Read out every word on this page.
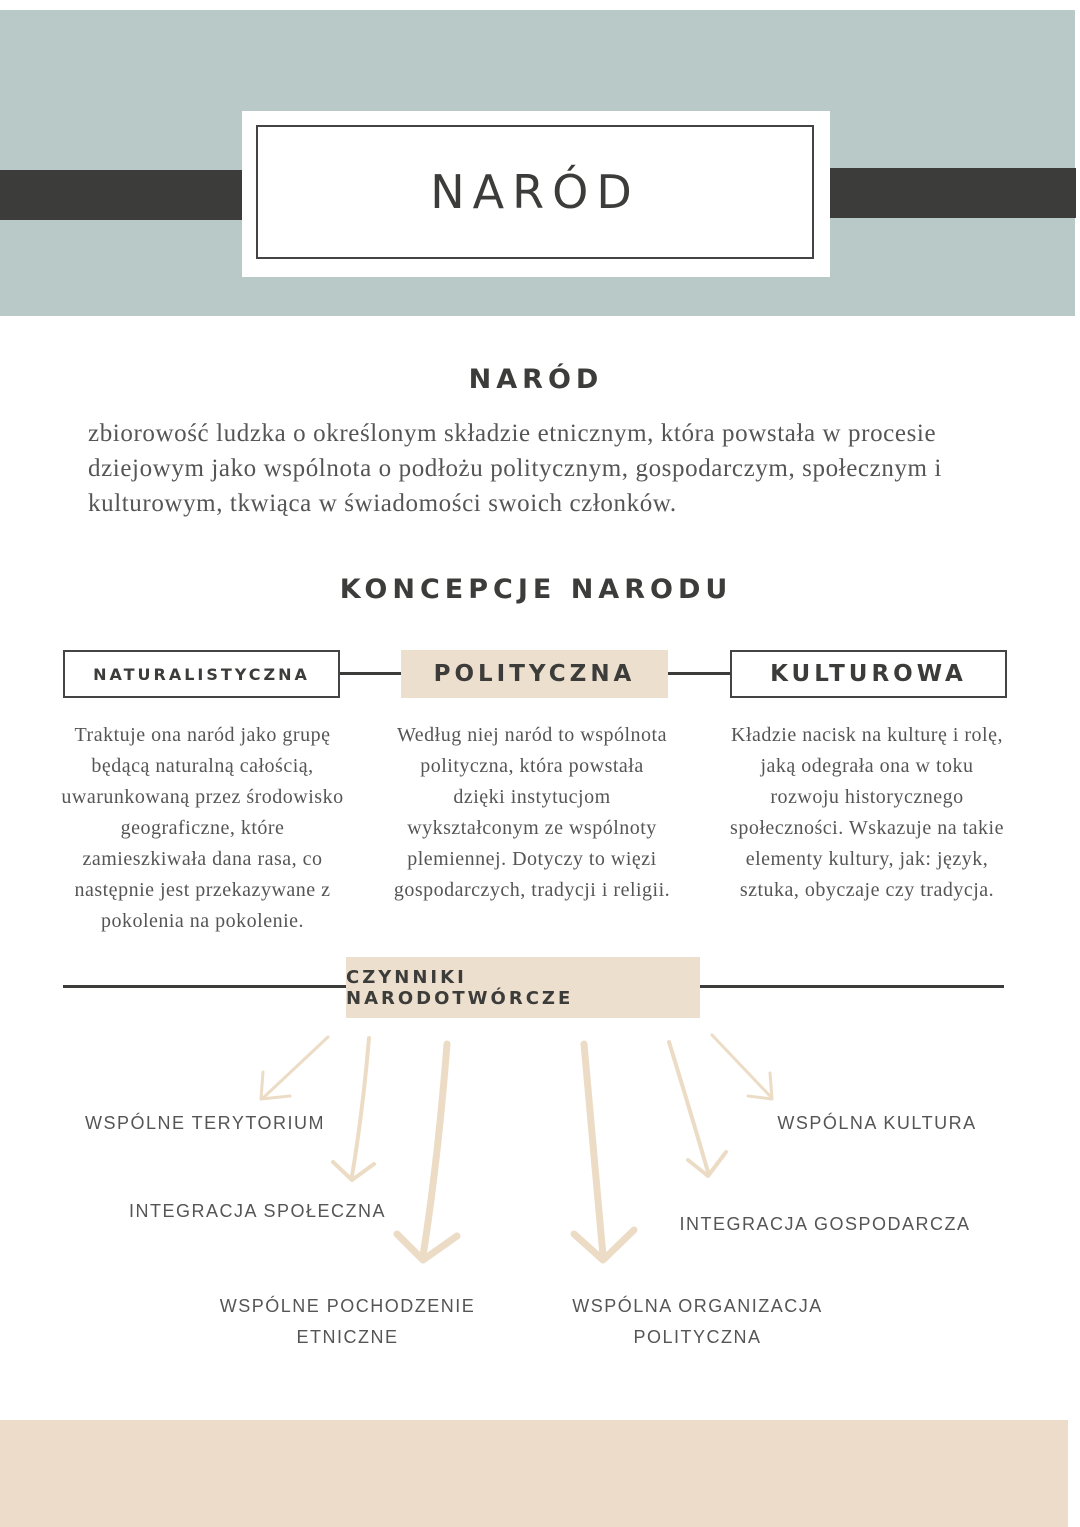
NARÓD
NARÓD
zbiorowość ludzka o określonym składzie etnicznym, która powstała w procesie dziejowym jako wspólnota o podłożu politycznym, gospodarczym, społecznym i kulturowym, tkwiąca w świadomości swoich członków.
KONCEPCJE NARODU
NATURALISTYCZNA	POLITYCZNA	KULTUROWA
Traktuje ona naród jako grupę będącą naturalną całością, uwarunkowaną przez środowisko geograficzne, które zamieszkiwała dana rasa, co następnie jest przekazywane z pokolenia na pokolenie.
Według niej naród to wspólnota polityczna, która powstała dzięki instytucjom wykształconym ze wspólnoty plemiennej. Dotyczy to więzi gospodarczych, tradycji i religii.
Kładzie nacisk na kulturę i rolę, jaką odegrała ona w toku rozwoju historycznego społeczności. Wskazuje na takie elementy kultury, jak: język, sztuka, obyczaje czy tradycja.
CZYNNIKI NARODOTWÓRCZE
WSPÓLNE TERYTORIUM	WSPÓLNA KULTURA
INTEGRACJA SPOŁECZNA
INTEGRACJA GOSPODARCZA
WSPÓLNE POCHODZENIE ETNICZNE
WSPÓLNA ORGANIZACJA POLITYCZNA
